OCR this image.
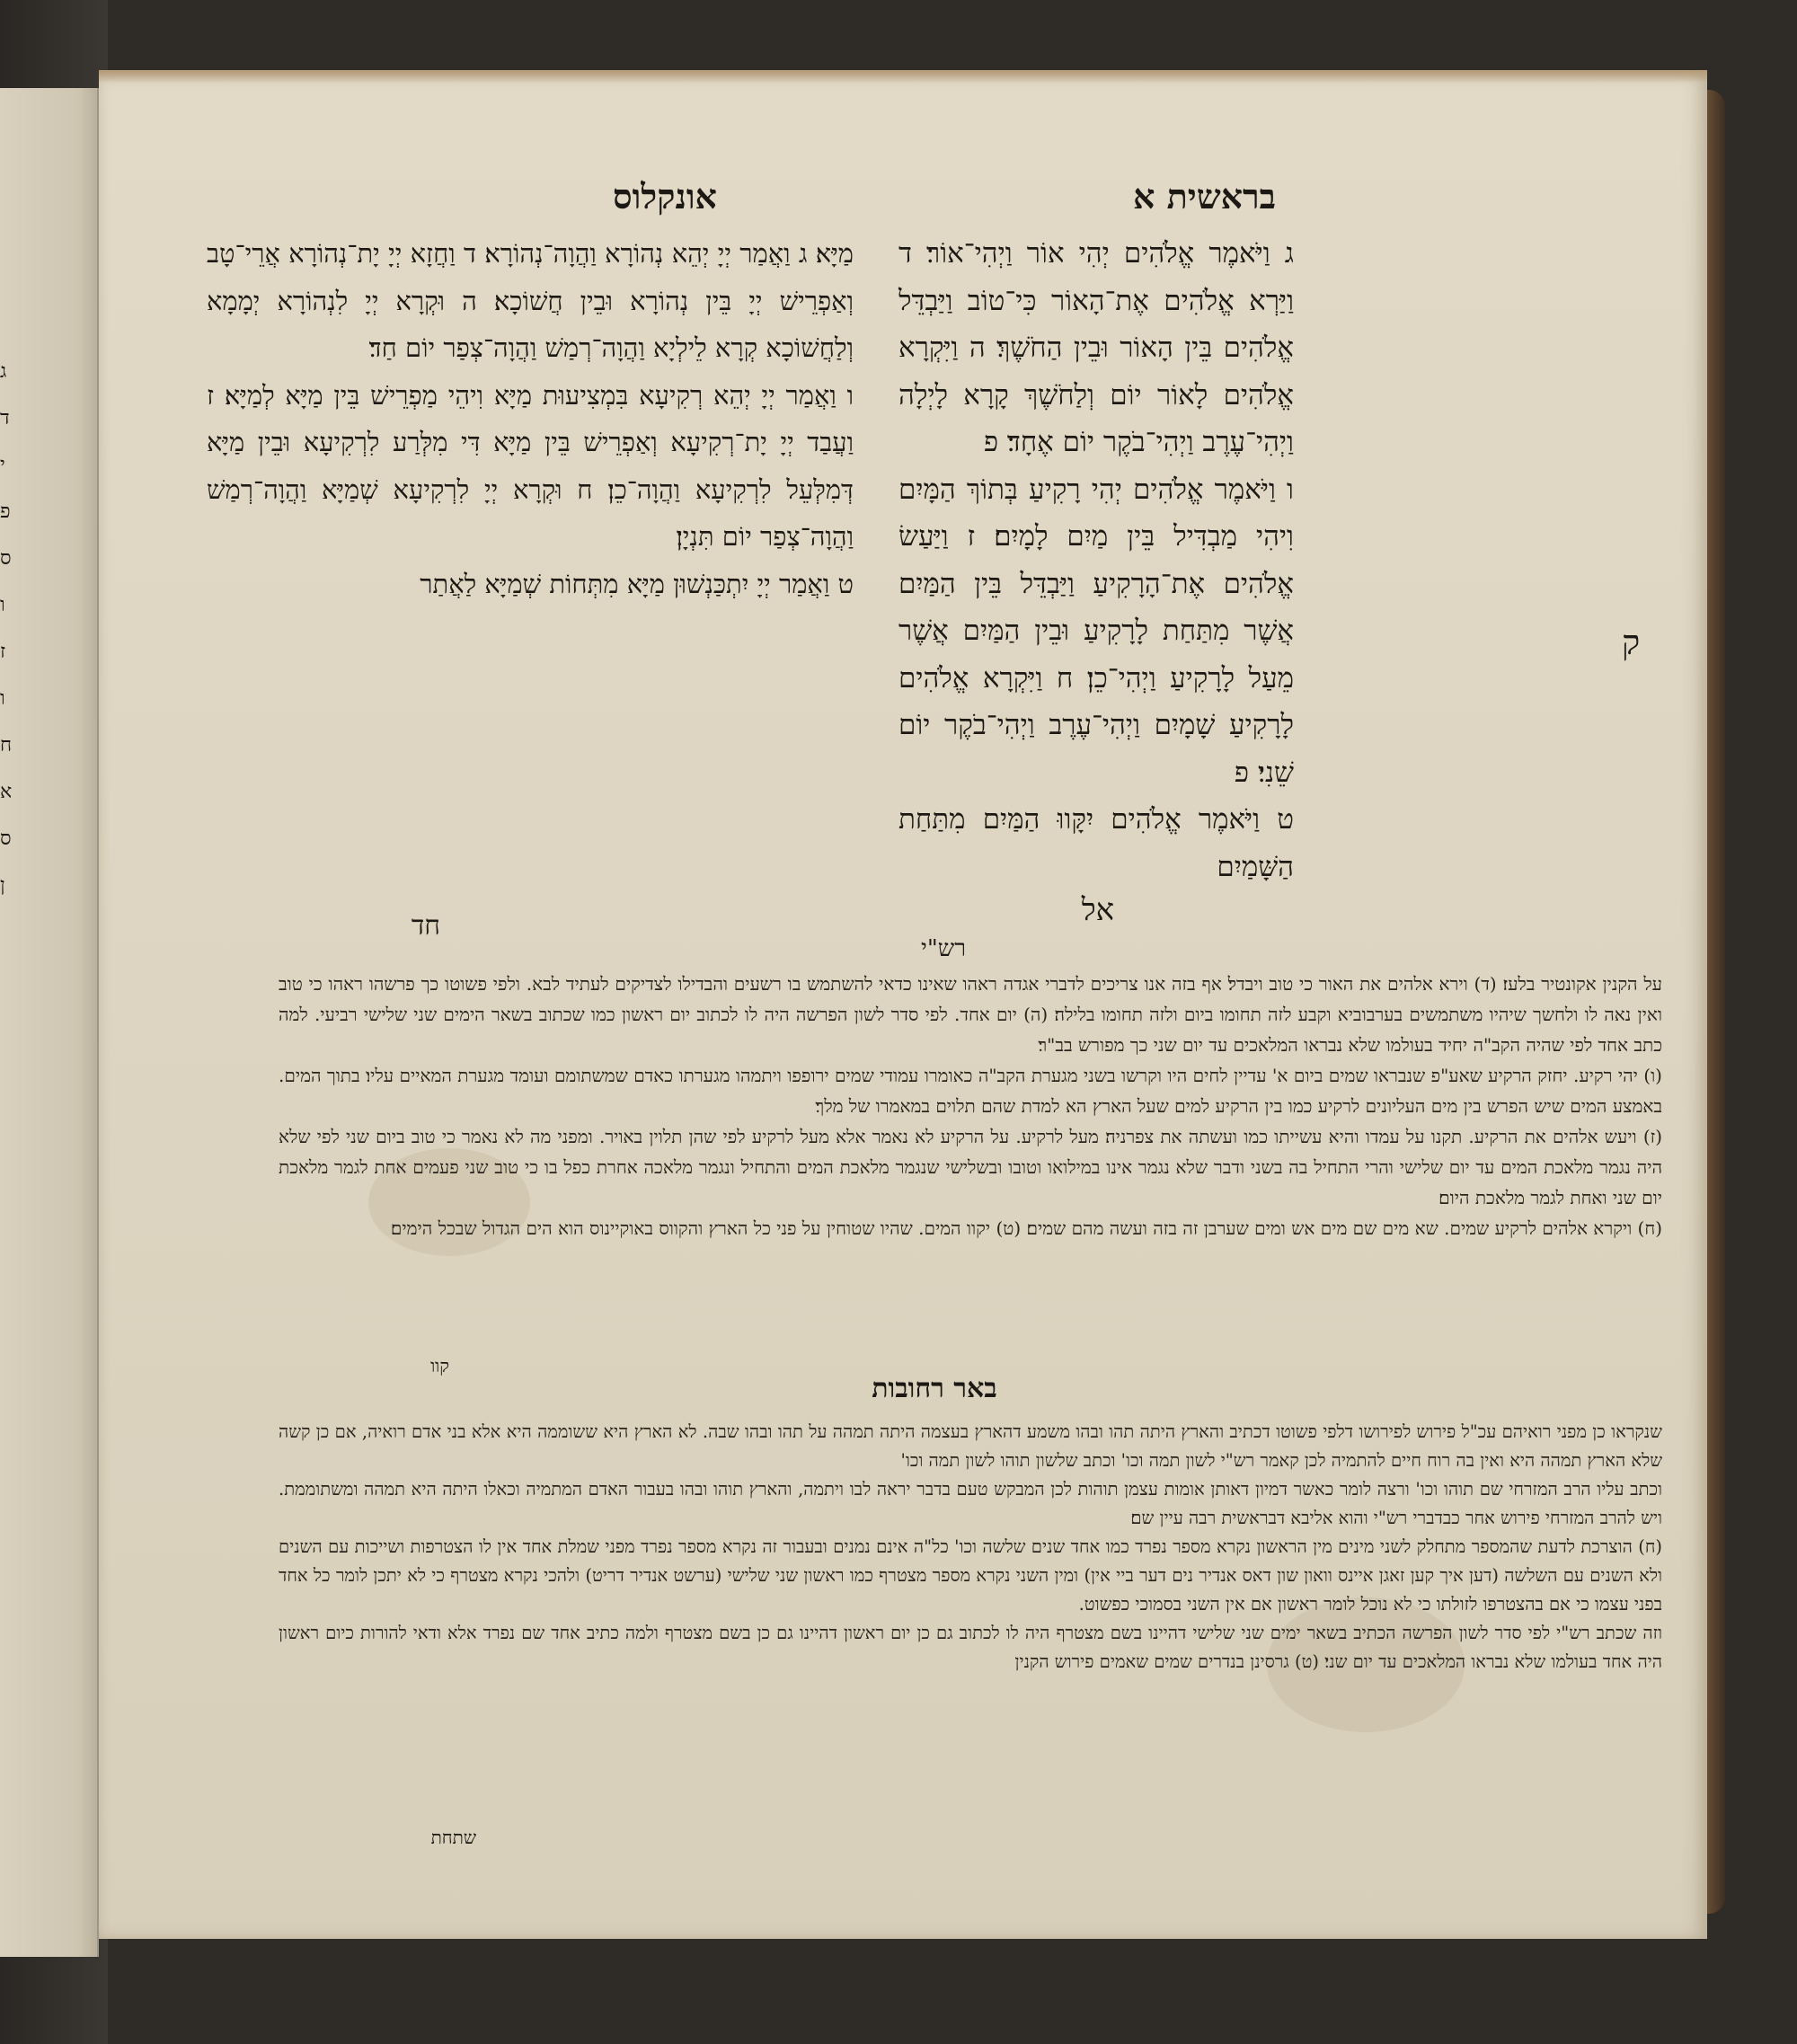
ג
ד
י
פ
ס
ו
ז
ו
ח
א
ס
ן
בראשית א
אונקלוס

ג וַיֹּאמֶר אֱלֹהִים יְהִי אוֹר וַיְהִי־אוֹר׃ ד וַיַּרְא אֱלֹהִים אֶת־הָאוֹר כִּי־טוֹב וַיַּבְדֵּל אֱלֹהִים בֵּין הָאוֹר וּבֵין הַחֹשֶׁךְ׃ ה וַיִּקְרָא אֱלֹהִים לָאוֹר יוֹם וְלַחֹשֶׁךְ קָרָא לָיְלָה וַיְהִי־עֶרֶב וַיְהִי־בֹקֶר יוֹם אֶחָד׃ פ

ו וַיֹּאמֶר אֱלֹהִים יְהִי רָקִיעַ בְּתוֹךְ הַמָּיִם וִיהִי מַבְדִּיל בֵּין מַיִם לָמָיִם׃ ז וַיַּעַשׂ אֱלֹהִים אֶת־הָרָקִיעַ וַיַּבְדֵּל בֵּין הַמַּיִם אֲשֶׁר מִתַּחַת לָרָקִיעַ וּבֵין הַמַּיִם אֲשֶׁר מֵעַל לָרָקִיעַ וַיְהִי־כֵן׃ ח וַיִּקְרָא אֱלֹהִים לָרָקִיעַ שָׁמָיִם וַיְהִי־עֶרֶב וַיְהִי־בֹקֶר יוֹם שֵׁנִי׃ פ

ט וַיֹּאמֶר אֱלֹהִים יִקָּווּ הַמַּיִם מִתַּחַת הַשָּׁמַיִם

אל

מַיָּא׃ ג וַאֲמַר יְיָ יְהֵא נְהוֹרָא וַהֲוָה־נְהוֹרָא׃ ד וַחֲזָא יְיָ יָת־נְהוֹרָא אֲרֵי־טָב וְאַפְרֵישׁ יְיָ בֵּין נְהוֹרָא וּבֵין חֲשׁוֹכָא׃ ה וּקְרָא יְיָ לִנְהוֹרָא יְמָמָא וְלַחֲשׁוֹכָא קְרָא לֵילְיָא וַהֲוָה־רְמַשׁ וַהֲוָה־צְפַר יוֹם חַד׃

ו וַאֲמַר יְיָ יְהֵא רְקִיעָא בִּמְצִיעוּת מַיָּא וִיהֵי מַפְרֵישׁ בֵּין מַיָּא לְמַיָּא׃ ז וַעֲבַד יְיָ יָת־רְקִיעָא וְאַפְרֵישׁ בֵּין מַיָּא דִּי מִלְּרַע לִרְקִיעָא וּבֵין מַיָּא דְּמִלְּעֵל לִרְקִיעָא וַהֲוָה־כֵן׃ ח וּקְרָא יְיָ לִרְקִיעָא שְׁמַיָּא וַהֲוָה־רְמַשׁ וַהֲוָה־צְפַר יוֹם תִּנְיָן׃

ט וַאֲמַר יְיָ יִתְכַּנְשׁוּן מַיָּא מִתְּחוֹת שְׁמַיָּא לַאֲתַר

חד
ק
רש"י

על הקנין אקונטיר בלעז׃ (ד) וירא אלהים את האור כי טוב ויבדל׃ אף בזה אנו צריכים לדברי אגדה ראהו שאינו כדאי להשתמש בו רשעים והבדילו לצדיקים לעתיד לבא. ולפי פשוטו כך פרשהו ראהו כי טוב ואין נאה לו ולחשך שיהיו משתמשים בערבוביא וקבע לזה תחומו ביום ולזה תחומו בלילה׃ (ה) יום אחד. לפי סדר לשון הפרשה היה לו לכתוב יום ראשון כמו שכתוב בשאר הימים שני שלישי רביעי. למה כתב אחד לפי שהיה הקב"ה יחיד בעולמו שלא נבראו המלאכים עד יום שני כך מפורש בב"ר׃

(ו) יהי רקיע. יחזק הרקיע שאע"פ שנבראו שמים ביום א' עדיין לחים היו וקרשו בשני מגערת הקב"ה כאומרו עמודי שמים ירופפו ויתמהו מגערתו כאדם שמשתומם ועומד מגערת המאיים עליו׃ בתוך המים. באמצע המים שיש הפרש בין מים העליונים לרקיע כמו בין הרקיע למים שעל הארץ הא למדת שהם תלוים במאמרו של מלך׃

(ז) ויעש אלהים את הרקיע. תקנו על עמדו והיא עשייתו כמו ועשתה את צפרניה׃ מעל לרקיע. על הרקיע לא נאמר אלא מעל לרקיע לפי שהן תלוין באויר. ומפני מה לא נאמר כי טוב ביום שני לפי שלא היה נגמר מלאכת המים עד יום שלישי והרי התחיל בה בשני ודבר שלא נגמר אינו במילואו וטובו ובשלישי שנגמר מלאכת המים והתחיל ונגמר מלאכה אחרת כפל בו כי טוב שני פעמים אחת לגמר מלאכת יום שני ואחת לגמר מלאכת היום׃

(ח) ויקרא אלהים לרקיע שמים. שא מים שם מים אש ומים שערבן זה בזה ועשה מהם שמים׃ (ט) יקוו המים. שהיו שטוחין על פני כל הארץ והקווס באוקיינוס הוא הים הגדול שבכל הימים׃

קוו
באר רחובות

שנקראו כן מפני רואיהם עכ"ל פירוש לפירושו דלפי פשוטו דכתיב והארץ היתה תהו ובהו משמע דהארץ בעצמה היתה תמהה על תהו ובהו שבה. לא הארץ היא ששוממה היא אלא בני אדם רואיה, אם כן קשה שלא הארץ תמהה היא ואין בה רוח חיים להתמיה לכן קאמר רש"י לשון תמה וכו' וכתב שלשון תוהו לשון תמה וכו'

וכתב עליו הרב המזרחי שם תוהו וכו' ורצה לומר כאשר דמיון דאותן אומות עצמן תוהות לכן המבקש טעם בדבר יראה לבו ויתמה, והארץ תוהו ובהו בעבור האדם המתמיה וכאלו היתה היא תמהה ומשתוממת. ויש להרב המזרחי פירוש אחר כבדברי רש"י והוא אליבא דבראשית רבה עיין שם׃

(ח) הוצרכת לדעת שהמספר מתחלק לשני מינים מין הראשון נקרא מספר נפרד כמו אחד שנים שלשה וכו' כל"ה אינם נמנים ובעבור זה נקרא מספר נפרד מפני שמלת אחד אין לו הצטרפות ושייכות עם השנים ולא השנים עם השלשה (דען איך קען זאגן איינס וואון שון דאס אנדיר נים דער ביי אין) ומין השני נקרא מספר מצטרף כמו ראשון שני שלישי (ערשט אנדיר דריט) ולהכי נקרא מצטרף כי לא יתכן לומר כל אחד בפני עצמו כי אם בהצטרפו לזולתו כי לא נוכל לומר ראשון אם אין השני בסמוכי כפשוט.

וזה שכתב רש"י לפי סדר לשון הפרשה הכתיב בשאר ימים שני שלישי דהיינו בשם מצטרף היה לו לכתוב גם כן יום ראשון דהיינו גם כן בשם מצטרף ולמה כתיב אחד שם נפרד אלא ודאי להורות כיום ראשון היה אחד בעולמו שלא נבראו המלאכים עד יום שני׃ (ט) גרסינן בנדרים שמים שאמים פירוש הקנין

שתחת
